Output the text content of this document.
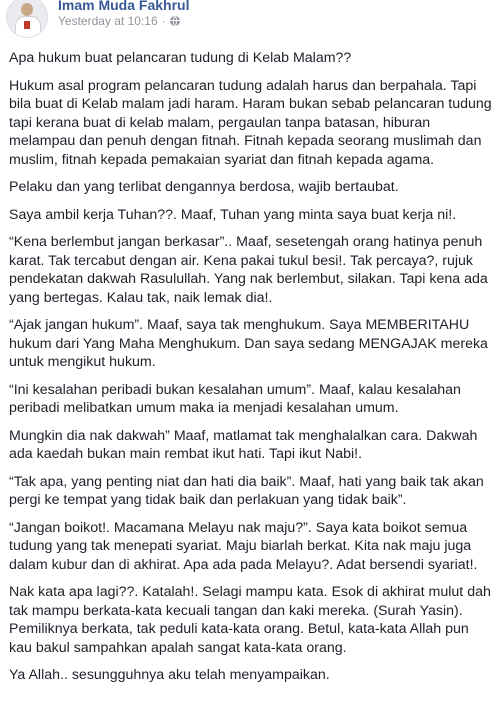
Imam Muda Fakhrul
Yesterday at 10:16 ·

Apa hukum buat pelancaran tudung di Kelab Malam??

Hukum asal program pelancaran tudung adalah harus dan berpahala. Tapi bila buat di Kelab malam jadi haram. Haram bukan sebab pelancaran tudung tapi kerana buat di kelab malam, pergaulan tanpa batasan, hiburan melampau dan penuh dengan fitnah. Fitnah kepada seorang muslimah dan muslim, fitnah kepada pemakaian syariat dan fitnah kepada agama.

Pelaku dan yang terlibat dengannya berdosa, wajib bertaubat.

Saya ambil kerja Tuhan??. Maaf, Tuhan yang minta saya buat kerja ni!.

“Kena berlembut jangan berkasar”.. Maaf, sesetengah orang hatinya penuh karat. Tak tercabut dengan air. Kena pakai tukul besi!. Tak percaya?, rujuk pendekatan dakwah Rasulullah. Yang nak berlembut, silakan. Tapi kena ada yang bertegas. Kalau tak, naik lemak dia!.

“Ajak jangan hukum”. Maaf, saya tak menghukum. Saya MEMBERITAHU hukum dari Yang Maha Menghukum. Dan saya sedang MENGAJAK mereka untuk mengikut hukum.

“Ini kesalahan peribadi bukan kesalahan umum”. Maaf, kalau kesalahan peribadi melibatkan umum maka ia menjadi kesalahan umum.

Mungkin dia nak dakwah” Maaf, matlamat tak menghalalkan cara. Dakwah ada kaedah bukan main rembat ikut hati. Tapi ikut Nabi!.

“Tak apa, yang penting niat dan hati dia baik”. Maaf, hati yang baik tak akan pergi ke tempat yang tidak baik dan perlakuan yang tidak baik”.

“Jangan boikot!. Macamana Melayu nak maju?”. Saya kata boikot semua tudung yang tak menepati syariat. Maju biarlah berkat. Kita nak maju juga dalam kubur dan di akhirat. Apa ada pada Melayu?. Adat bersendi syariat!.

Nak kata apa lagi??. Katalah!. Selagi mampu kata. Esok di akhirat mulut dah tak mampu berkata-kata kecuali tangan dan kaki mereka. (Surah Yasin). Pemiliknya berkata, tak peduli kata-kata orang. Betul, kata-kata Allah pun kau bakul sampahkan apalah sangat kata-kata orang.

Ya Allah.. sesungguhnya aku telah menyampaikan.
